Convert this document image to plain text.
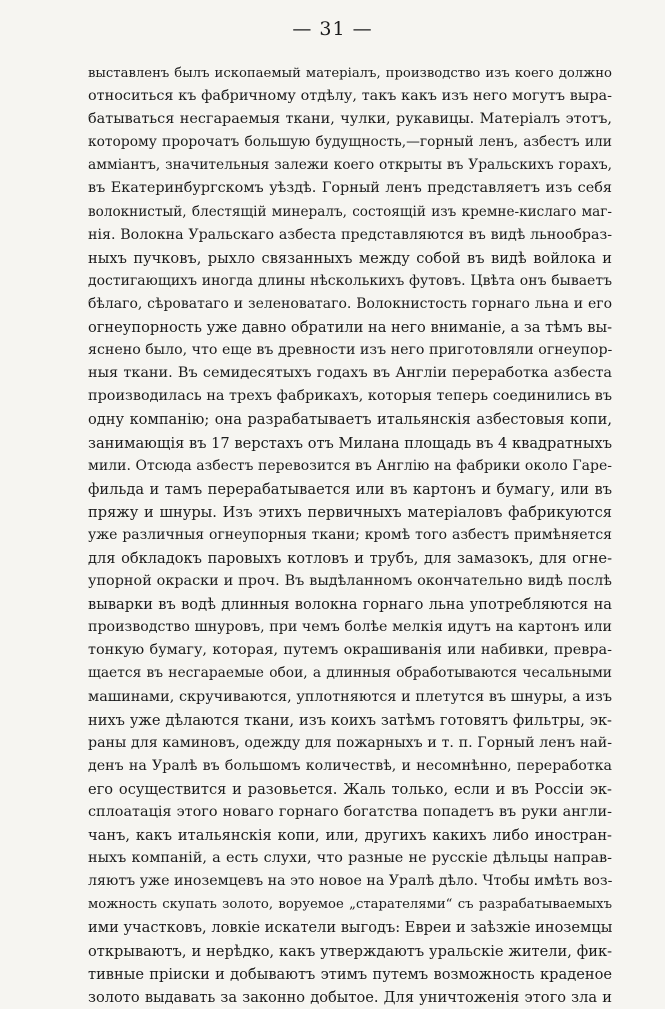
— 31 —
выставленъ былъ ископаемый матеріалъ, производство изъ коего должно
относиться къ фабричному отдѣлу, такъ какъ изъ него могутъ выра-
батываться несгараемыя ткани, чулки, рукавицы. Матеріалъ этотъ,
которому пророчатъ большую будущность,—горный ленъ, азбестъ или
амміантъ, значительныя залежи коего открыты въ Уральскихъ горахъ,
въ Екатеринбургскомъ уѣздѣ. Горный ленъ представляетъ изъ себя
волокнистый, блестящій минералъ, состоящій изъ кремне-кислаго маг-
нія. Волокна Уральскаго азбеста представляются въ видѣ льнообраз-
ныхъ пучковъ, рыхло связанныхъ между собой въ видѣ войлока и
достигающихъ иногда длины нѣсколькихъ футовъ. Цвѣта онъ бываетъ
бѣлаго, сѣроватаго и зеленоватаго. Волокнистость горнаго льна и его
огнеупорность уже давно обратили на него вниманіе, а за тѣмъ вы-
яснено было, что еще въ древности изъ него приготовляли огнеупор-
ныя ткани. Въ семидесятыхъ годахъ въ Англіи переработка азбеста
производилась на трехъ фабрикахъ, которыя теперь соединились въ
одну компанію; она разрабатываетъ итальянскія азбестовыя копи,
занимающія въ 17 верстахъ отъ Милана площадь въ 4 квадратныхъ
мили. Отсюда азбестъ перевозится въ Англію на фабрики около Гаре-
фильда и тамъ перерабатывается или въ картонъ и бумагу, или въ
пряжу и шнуры. Изъ этихъ первичныхъ матеріаловъ фабрикуются
уже различныя огнеупорныя ткани; кромѣ того азбестъ примѣняется
для обкладокъ паровыхъ котловъ и трубъ, для замазокъ, для огне-
упорной окраски и проч. Въ выдѣланномъ окончательно видѣ послѣ
выварки въ водѣ длинныя волокна горнаго льна употребляются на
производство шнуровъ, при чемъ болѣе мелкія идутъ на картонъ или
тонкую бумагу, которая, путемъ окрашиванія или набивки, превра-
щается въ несгараемые обои, а длинныя обработываются чесальными
машинами, скручиваются, уплотняются и плетутся въ шнуры, а изъ
нихъ уже дѣлаются ткани, изъ коихъ затѣмъ готовятъ фильтры, эк-
раны для каминовъ, одежду для пожарныхъ и т. п. Горный ленъ най-
денъ на Уралѣ въ большомъ количествѣ, и несомнѣнно, переработка
его осуществится и разовьется. Жаль только, если и въ Россіи эк-
сплоатація этого новаго горнаго богатства попадетъ въ руки англи-
чанъ, какъ итальянскія копи, или, другихъ какихъ либо иностран-
ныхъ компаній, а есть слухи, что разные не русскіе дѣльцы направ-
ляютъ уже иноземцевъ на это новое на Уралѣ дѣло. Чтобы имѣть воз-
можность скупать золото, воруемое „старателями“ съ разрабатываемыхъ
ими участковъ, ловкіе искатели выгодъ: Евреи и заѣзжіе иноземцы
открываютъ, и нерѣдко, какъ утверждаютъ уральскіе жители, фик-
тивные пріиски и добываютъ этимъ путемъ возможность краденое
золото выдавать за законно добытое. Для уничтоженія этого зла и
